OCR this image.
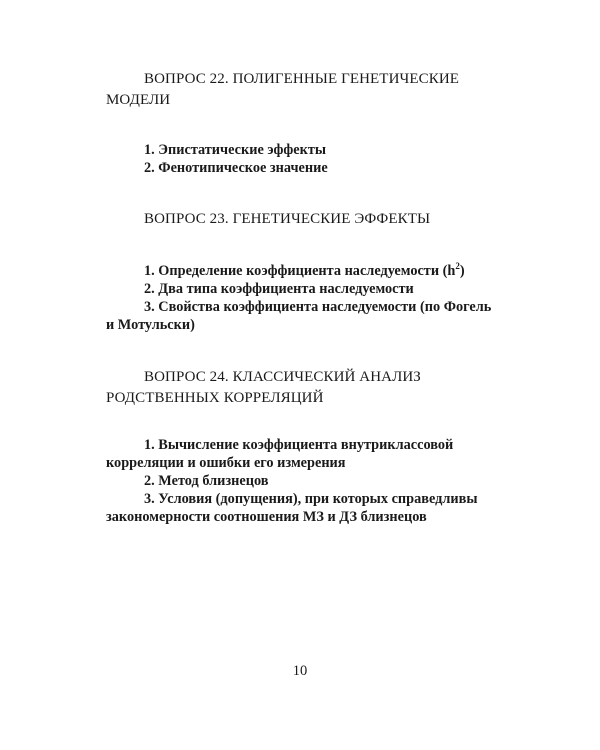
ВОПРОС 22. ПОЛИГЕННЫЕ ГЕНЕТИЧЕСКИЕ МОДЕЛИ

1. Эпистатические эффекты

2. Фенотипическое значение

ВОПРОС 23. ГЕНЕТИЧЕСКИЕ ЭФФЕКТЫ

1. Определение коэффициента наследуемости $(h^2)$

2. Два типа коэффициента наследуемости

3. Свойства коэффициента наследуемости (по Фогель и Мотульски)

ВОПРОС 24. КЛАССИЧЕСКИЙ АНАЛИЗ РОДСТВЕННЫХ КОРРЕЛЯЦИЙ

1. Вычисление коэффициента внутриклассовой корреляции и ошибки его измерения

2. Метод близнецов

3. Условия (допущения), при которых справедливы закономерности соотношения МЗ и ДЗ близнецов

10
